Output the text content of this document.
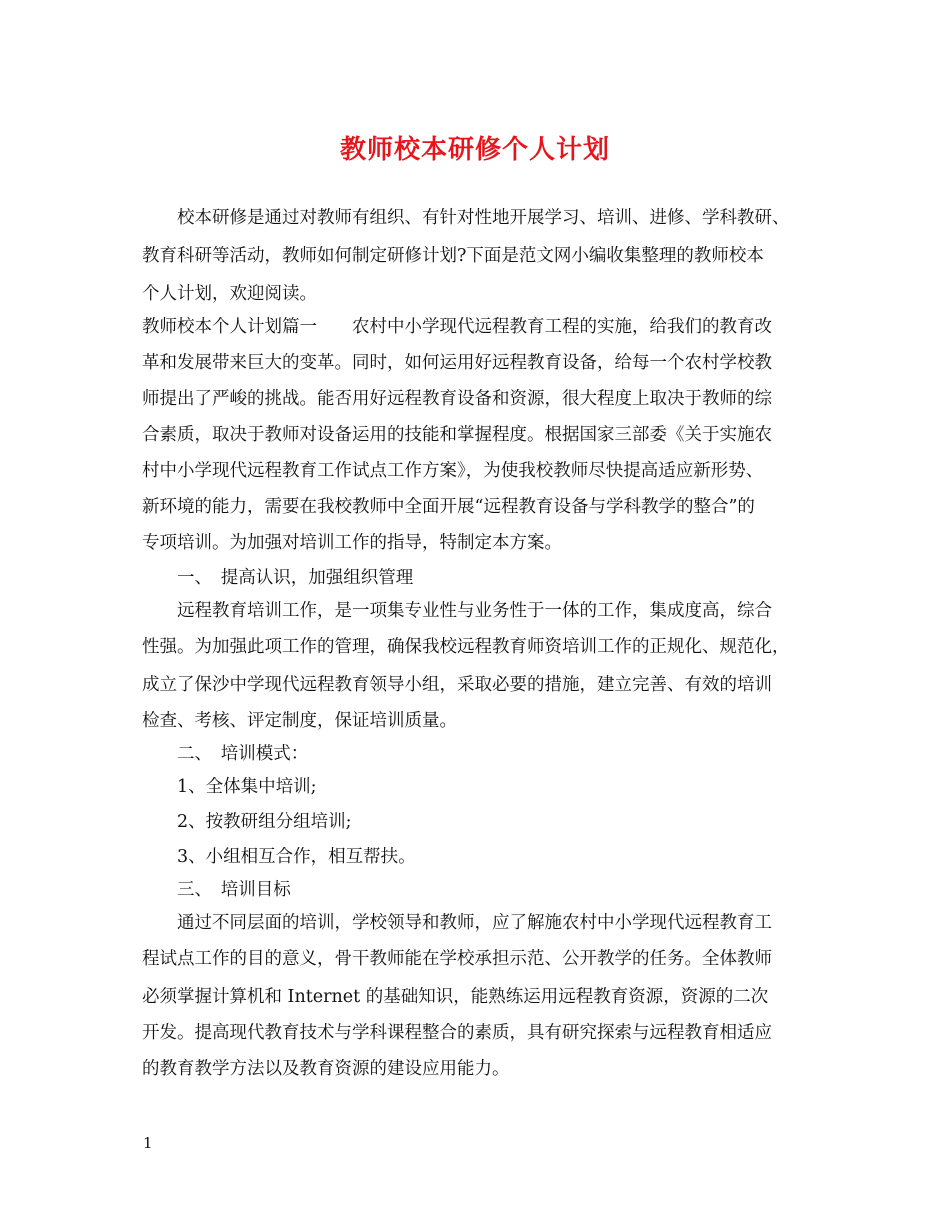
教师校本研修个人计划
　　校本研修是通过对教师有组织、有针对性地开展学习、培训、进修、学科教研、
教育科研等活动，教师如何制定研修计划?下面是范文网小编收集整理的教师校本
个人计划，欢迎阅读。
教师校本个人计划篇一　　农村中小学现代远程教育工程的实施，给我们的教育改
革和发展带来巨大的变革。同时，如何运用好远程教育设备，给每一个农村学校教
师提出了严峻的挑战。能否用好远程教育设备和资源，很大程度上取决于教师的综
合素质，取决于教师对设备运用的技能和掌握程度。根据国家三部委《关于实施农
村中小学现代远程教育工作试点工作方案》，为使我校教师尽快提高适应新形势、
新环境的能力，需要在我校教师中全面开展“远程教育设备与学科教学的整合”的
专项培训。为加强对培训工作的指导，特制定本方案。
　　一、　提高认识，加强组织管理
　　远程教育培训工作，是一项集专业性与业务性于一体的工作，集成度高，综合
性强。为加强此项工作的管理，确保我校远程教育师资培训工作的正规化、规范化，
成立了保沙中学现代远程教育领导小组，采取必要的措施，建立完善、有效的培训
检查、考核、评定制度，保证培训质量。
　　二、　培训模式：
　　1、全体集中培训;
　　2、按教研组分组培训;
　　3、小组相互合作，相互帮扶。
　　三、　培训目标
　　通过不同层面的培训，学校领导和教师，应了解施农村中小学现代远程教育工
程试点工作的目的意义，骨干教师能在学校承担示范、公开教学的任务。全体教师
必须掌握计算机和 Internet 的基础知识，能熟练运用远程教育资源，资源的二次
开发。提高现代教育技术与学科课程整合的素质，具有研究探索与远程教育相适应
的教育教学方法以及教育资源的建设应用能力。
1
